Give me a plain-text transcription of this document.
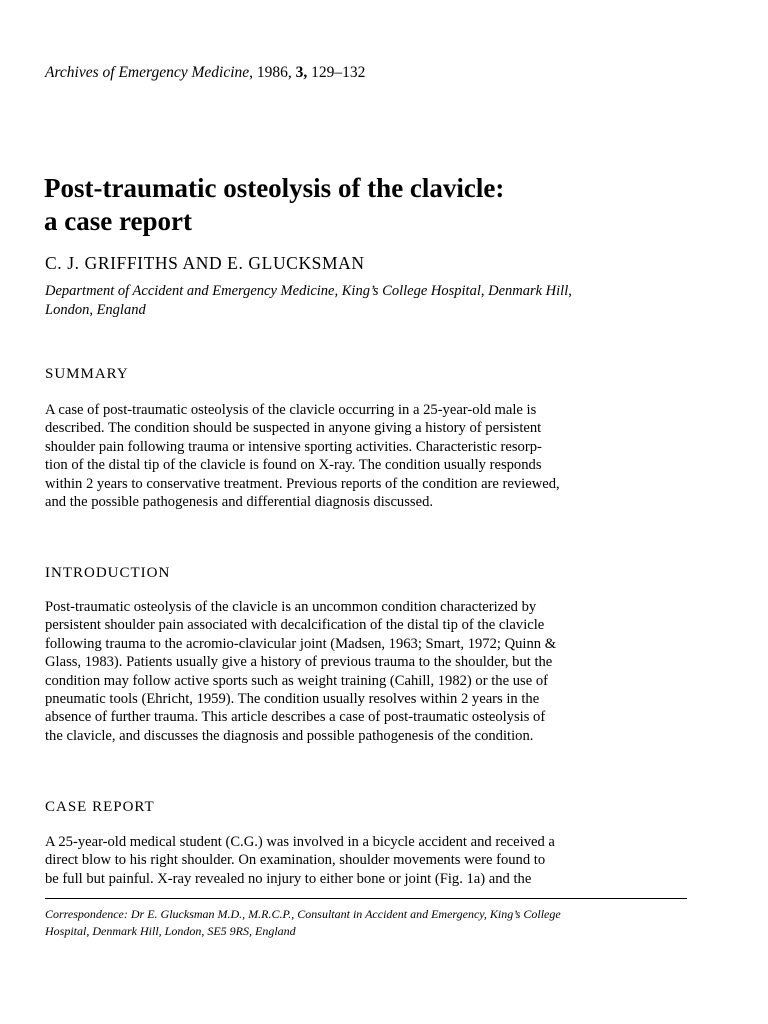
Archives of Emergency Medicine, 1986, 3, 129–132
Post-traumatic osteolysis of the clavicle:
a case report
C. J. GRIFFITHS AND E. GLUCKSMAN
Department of Accident and Emergency Medicine, King’s College Hospital, Denmark Hill,
London, England
SUMMARY
A case of post-traumatic osteolysis of the clavicle occurring in a 25-year-old male is
described. The condition should be suspected in anyone giving a history of persistent
shoulder pain following trauma or intensive sporting activities. Characteristic resorp-
tion of the distal tip of the clavicle is found on X-ray. The condition usually responds
within 2 years to conservative treatment. Previous reports of the condition are reviewed,
and the possible pathogenesis and differential diagnosis discussed.
INTRODUCTION
Post-traumatic osteolysis of the clavicle is an uncommon condition characterized by
persistent shoulder pain associated with decalcification of the distal tip of the clavicle
following trauma to the acromio-clavicular joint (Madsen, 1963; Smart, 1972; Quinn &
Glass, 1983). Patients usually give a history of previous trauma to the shoulder, but the
condition may follow active sports such as weight training (Cahill, 1982) or the use of
pneumatic tools (Ehricht, 1959). The condition usually resolves within 2 years in the
absence of further trauma. This article describes a case of post-traumatic osteolysis of
the clavicle, and discusses the diagnosis and possible pathogenesis of the condition.
CASE REPORT
A 25-year-old medical student (C.G.) was involved in a bicycle accident and received a
direct blow to his right shoulder. On examination, shoulder movements were found to
be full but painful. X-ray revealed no injury to either bone or joint (Fig. 1a) and the
Correspondence: Dr E. Glucksman M.D., M.R.C.P., Consultant in Accident and Emergency, King’s College
Hospital, Denmark Hill, London, SE5 9RS, England
